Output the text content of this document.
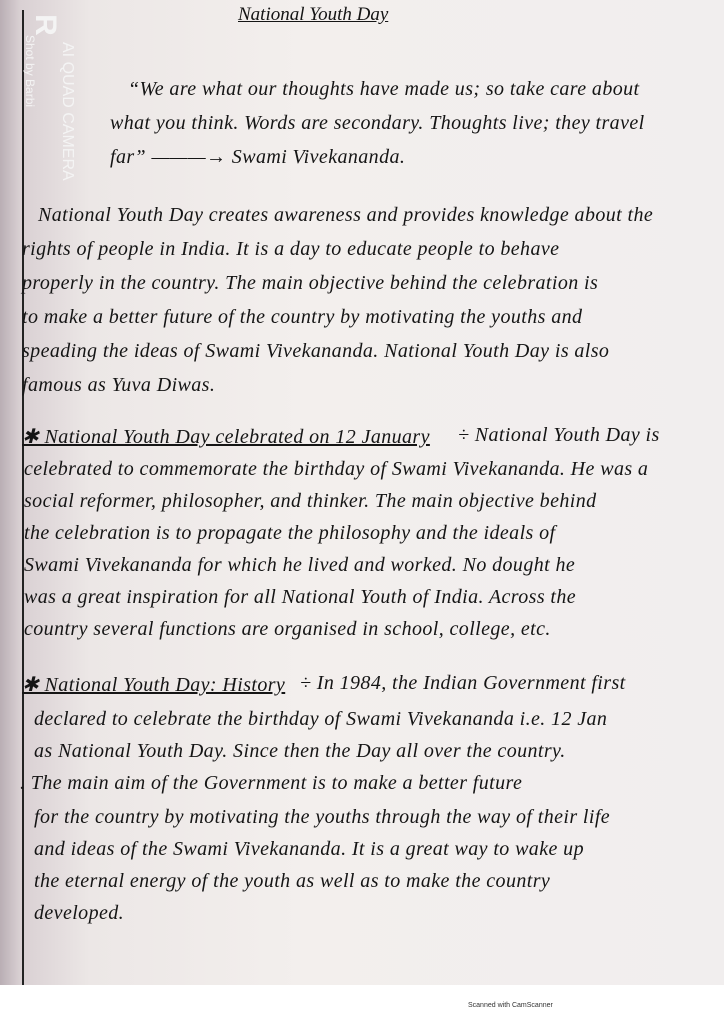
R
AI QUAD CAMERA
Shot by Barbi
National Youth Day
“We are what our thoughts have made us; so take care about
what you think. Words are secondary. Thoughts live; they travel
far” ———→ Swami Vivekananda.
National Youth Day creates awareness and provides knowledge about the
rights of people in India. It is a day to educate people to behave
properly in the country. The main objective behind the celebration is
to make a better future of the country by motivating the youths and
speading the ideas of Swami Vivekananda. National Youth Day is also
famous as Yuva Diwas.
✱ National Youth Day celebrated on 12 January ÷ National Youth Day is
celebrated to commemorate the birthday of Swami Vivekananda. He was a
social reformer, philosopher, and thinker. The main objective behind
the celebration is to propagate the philosophy and the ideals of
Swami Vivekananda for which he lived and worked. No dought he
was a great inspiration for all National Youth of India. Across the
country several functions are organised in school, college, etc.
✱ National Youth Day: History ÷ In 1984, the Indian Government first
declared to celebrate the birthday of Swami Vivekananda i.e. 12 Jan
as National Youth Day. Since then the Day all over the country.
. The main aim of the Government is to make a better future
for the country by motivating the youths through the way of their life
and ideas of the Swami Vivekananda. It is a great way to wake up
the eternal energy of the youth as well as to make the country
developed.
Scanned with CamScanner
